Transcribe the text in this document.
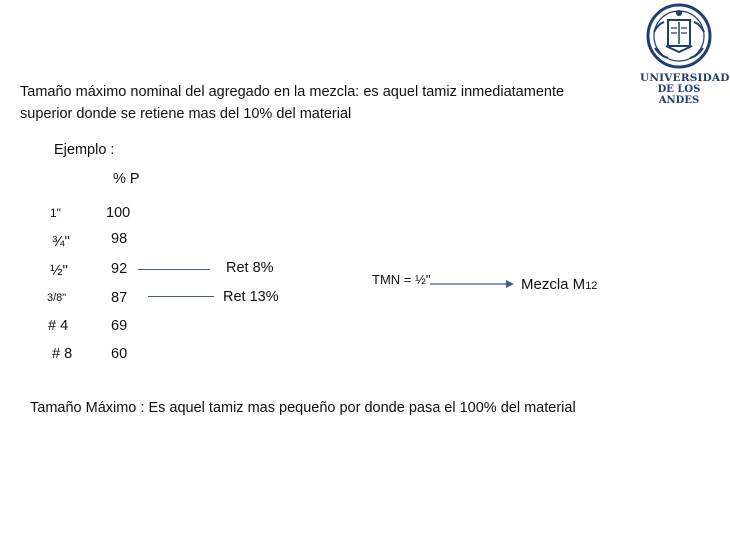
UNIVERSIDAD
DE LOS ANDES
Tamaño máximo nominal del agregado en la mezcla: es aquel tamiz inmediatamente
superior donde se retiene mas del 10% del material
Ejemplo :
% P
1"
¾"
½"
3/8"
# 4
# 8
100
98
92
87
69
60
Ret 8%
Ret 13%
TMN = ½"	Mezcla M12
Tamaño Máximo : Es aquel tamiz mas pequeño por donde pasa el 100% del material
